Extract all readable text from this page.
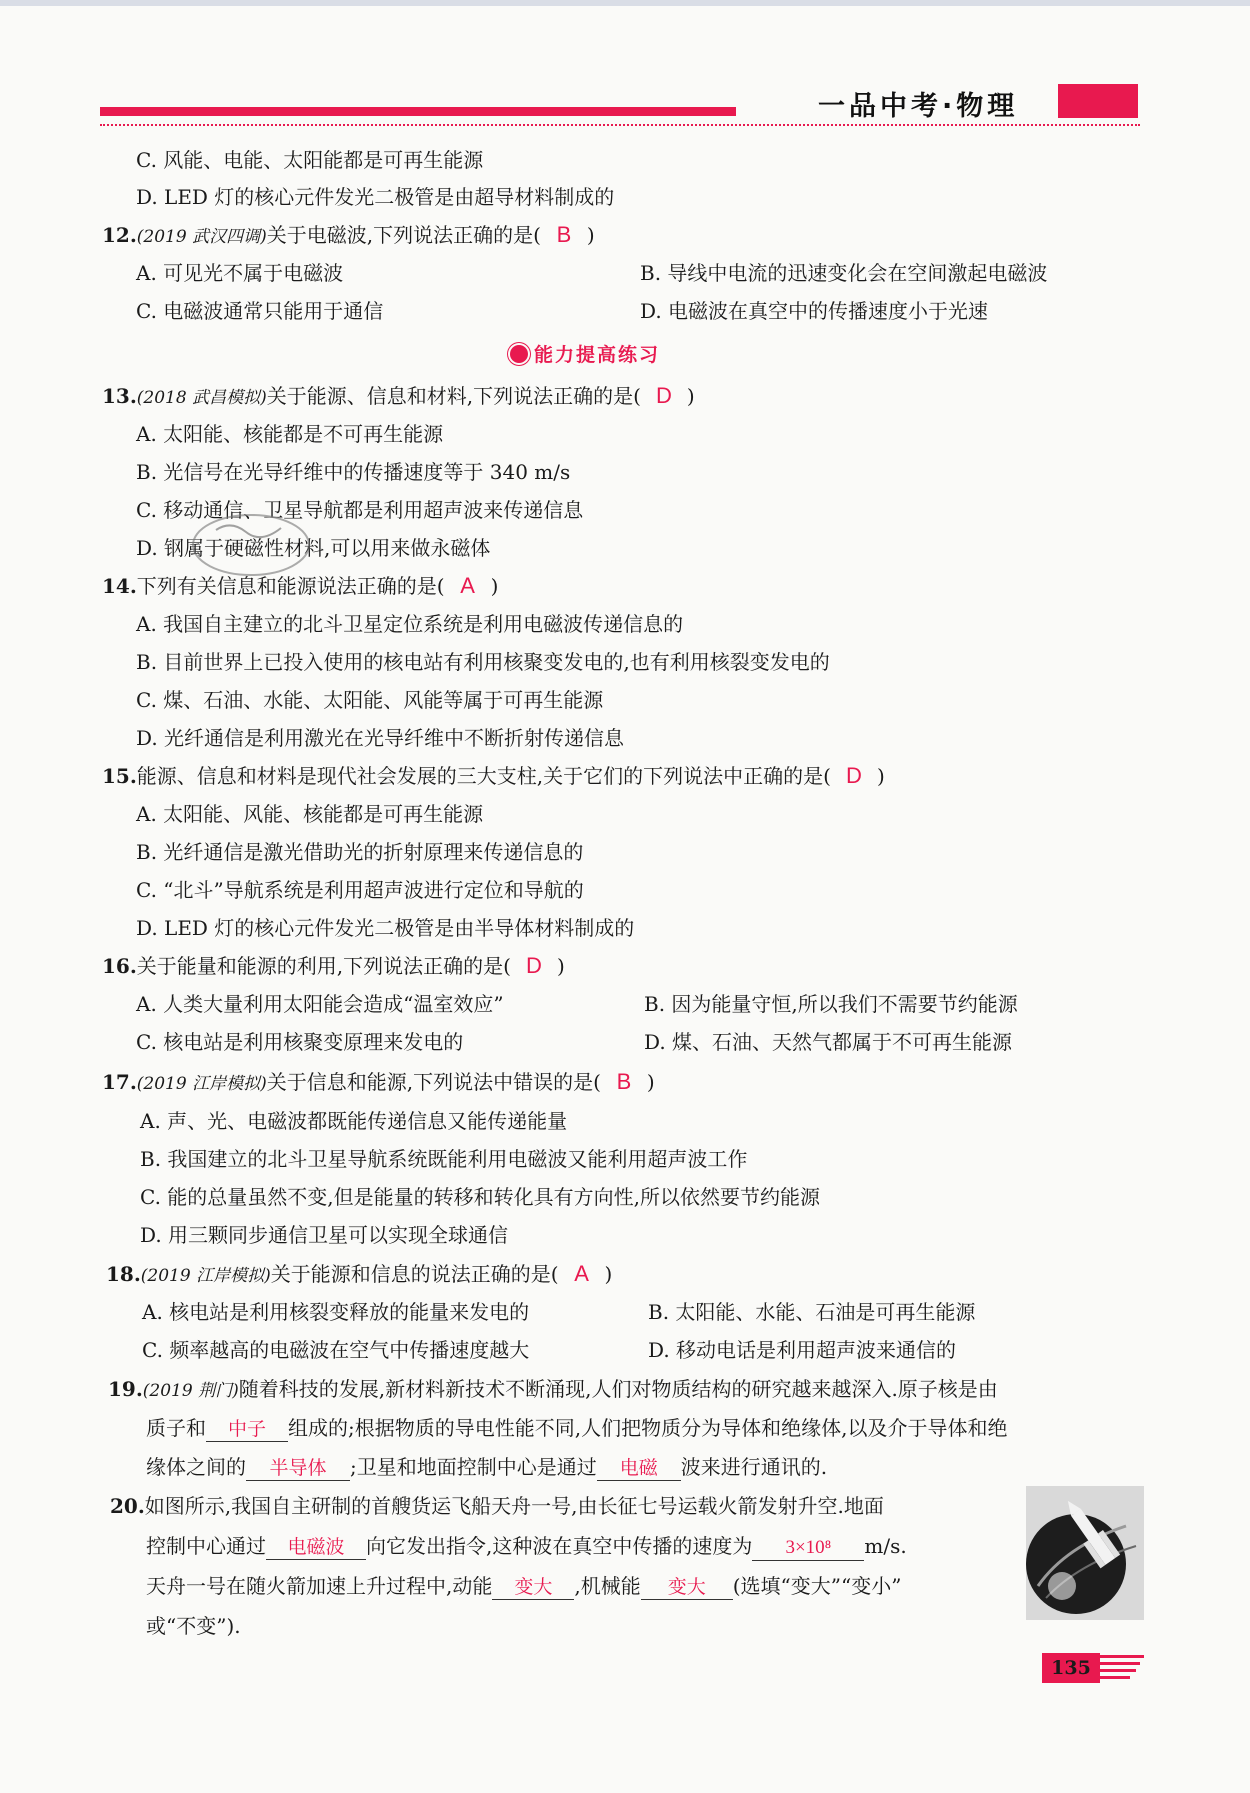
一品中考·物理
C. 风能、电能、太阳能都是可再生能源
D. LED 灯的核心元件发光二极管是由超导材料制成的
12.(2019 武汉四调)关于电磁波,下列说法正确的是( B )
A. 可见光不属于电磁波	B. 导线中电流的迅速变化会在空间激起电磁波
C. 电磁波通常只能用于通信	D. 电磁波在真空中的传播速度小于光速
能力提高练习
13.(2018 武昌模拟)关于能源、信息和材料,下列说法正确的是( D )
A. 太阳能、核能都是不可再生能源
B. 光信号在光导纤维中的传播速度等于 340 m/s
C. 移动通信、卫星导航都是利用超声波来传递信息
D. 钢属于硬磁性材料,可以用来做永磁体
14.下列有关信息和能源说法正确的是( A )
A. 我国自主建立的北斗卫星定位系统是利用电磁波传递信息的
B. 目前世界上已投入使用的核电站有利用核聚变发电的,也有利用核裂变发电的
C. 煤、石油、水能、太阳能、风能等属于可再生能源
D. 光纤通信是利用激光在光导纤维中不断折射传递信息
15.能源、信息和材料是现代社会发展的三大支柱,关于它们的下列说法中正确的是( D )
A. 太阳能、风能、核能都是可再生能源
B. 光纤通信是激光借助光的折射原理来传递信息的
C. “北斗”导航系统是利用超声波进行定位和导航的
D. LED 灯的核心元件发光二极管是由半导体材料制成的
16.关于能量和能源的利用,下列说法正确的是( D )
A. 人类大量利用太阳能会造成“温室效应”	B. 因为能量守恒,所以我们不需要节约能源
C. 核电站是利用核聚变原理来发电的	D. 煤、石油、天然气都属于不可再生能源
17.(2019 江岸模拟)关于信息和能源,下列说法中错误的是( B )
A. 声、光、电磁波都既能传递信息又能传递能量
B. 我国建立的北斗卫星导航系统既能利用电磁波又能利用超声波工作
C. 能的总量虽然不变,但是能量的转移和转化具有方向性,所以依然要节约能源
D. 用三颗同步通信卫星可以实现全球通信
18.(2019 江岸模拟)关于能源和信息的说法正确的是( A )
A. 核电站是利用核裂变释放的能量来发电的	B. 太阳能、水能、石油是可再生能源
C. 频率越高的电磁波在空气中传播速度越大	D. 移动电话是利用超声波来通信的
19.(2019 荆门)随着科技的发展,新材料新技术不断涌现,人们对物质结构的研究越来越深入.原子核是由
质子和 中子 组成的;根据物质的导电性能不同,人们把物质分为导体和绝缘体,以及介于导体和绝
缘体之间的 半导体 ;卫星和地面控制中心是通过 电磁 波来进行通讯的.
20.如图所示,我国自主研制的首艘货运飞船天舟一号,由长征七号运载火箭发射升空.地面
控制中心通过 电磁波 向它发出指令,这种波在真空中传播的速度为 3×10⁸ m/s.
天舟一号在随火箭加速上升过程中,动能 变大 ,机械能 变大 (选填“变大”“变小”
或“不变”).
135
